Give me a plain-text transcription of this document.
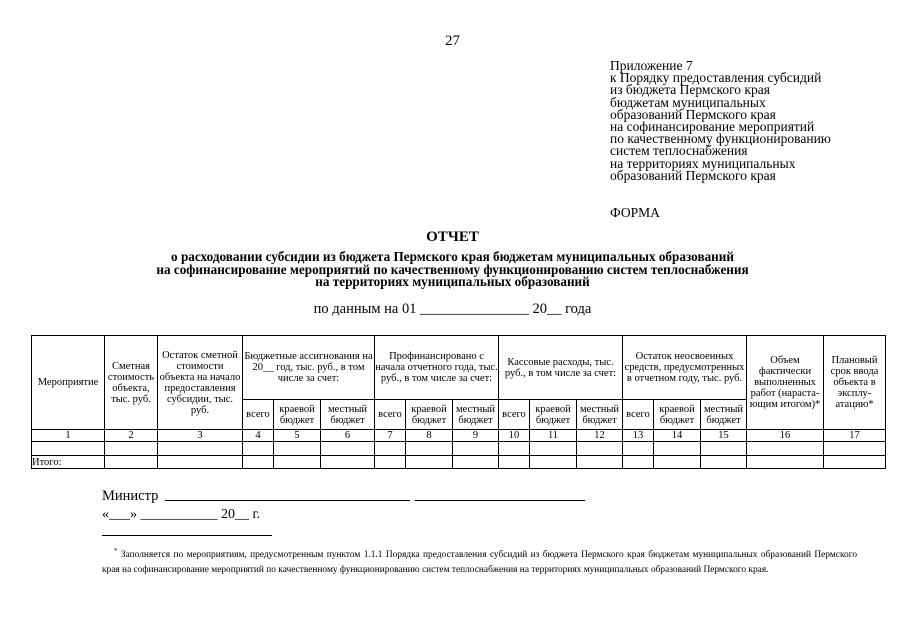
27
Приложение 7
к Порядку предоставления субсидий
из бюджета Пермского края
бюджетам муниципальных
образований Пермского края
на софинансирование мероприятий
по качественному функционированию
систем теплоснабжения
на территориях муниципальных
образований Пермского края
ФОРМА
ОТЧЕТ
о расходовании субсидии из бюджета Пермского края бюджетам муниципальных образований
на софинансирование мероприятий по качественному функционированию систем теплоснабжения
на территориях муниципальных образований
по данным на 01 _______________ 20__ года
Мероприятие	Сметная стоимость объекта, тыс. руб.	Остаток сметной стоимости объекта на начало предоставления субсидии, тыс. руб.	Бюджетные ассигнования на 20__ год, тыс. руб., в том числе за счет:			Профинансировано с начала отчетного года, тыс. руб., в том числе за счет:			Кассовые расходы, тыс. руб., в том числе за счет:			Остаток неосвоенных средств, предусмотренных в отчетном году, тыс. руб.			Объем фактически выполненных работ (нараста-ющим итогом)*	Плановый срок ввода объекта в эксплу-атацию*
			всего	краевой бюджет	местный бюджет	всего	краевой бюджет	местный бюджет	всего	краевой бюджет	местный бюджет	всего	краевой бюджет	местный бюджет		
1	2	3	4	5	6	7	8	9	10	11	12	13	14	15	16	17

Итого:																
Министр
«___» ___________ 20__ г.
* Заполняется по мероприятиям, предусмотренным пунктом 1.1.1 Порядка предоставления субсидий из бюджета Пермского края бюджетам муниципальных образований Пермского края на софинансирование мероприятий по качественному функционированию систем теплоснабжения на территориях муниципальных образований Пермского края.
